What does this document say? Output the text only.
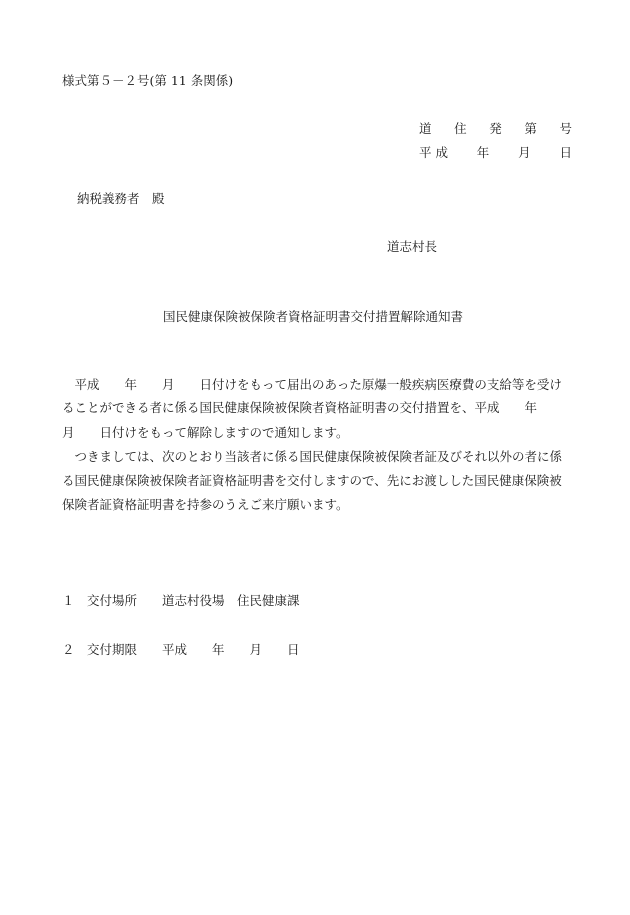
様式第５－２号(第 11 条関係)
道 住 発 第 号
平 成 年 月 日
納税義務者　殿
道志村長
国民健康保険被保険者資格証明書交付措置解除通知書
　平成　　年　　月　　日付けをもって届出のあった原爆一般疾病医療費の支給等を受け
ることができる者に係る国民健康保険被保険者資格証明書の交付措置を、平成　　年
月　　日付けをもって解除しますので通知します。
　つきましては、次のとおり当該者に係る国民健康保険被保険者証及びそれ以外の者に係
る国民健康保険被保険者証資格証明書を交付しますので、先にお渡しした国民健康保険被
保険者証資格証明書を持参のうえご来庁願います。
１　交付場所　　道志村役場　住民健康課
２　交付期限　　平成　　年　　月　　日
